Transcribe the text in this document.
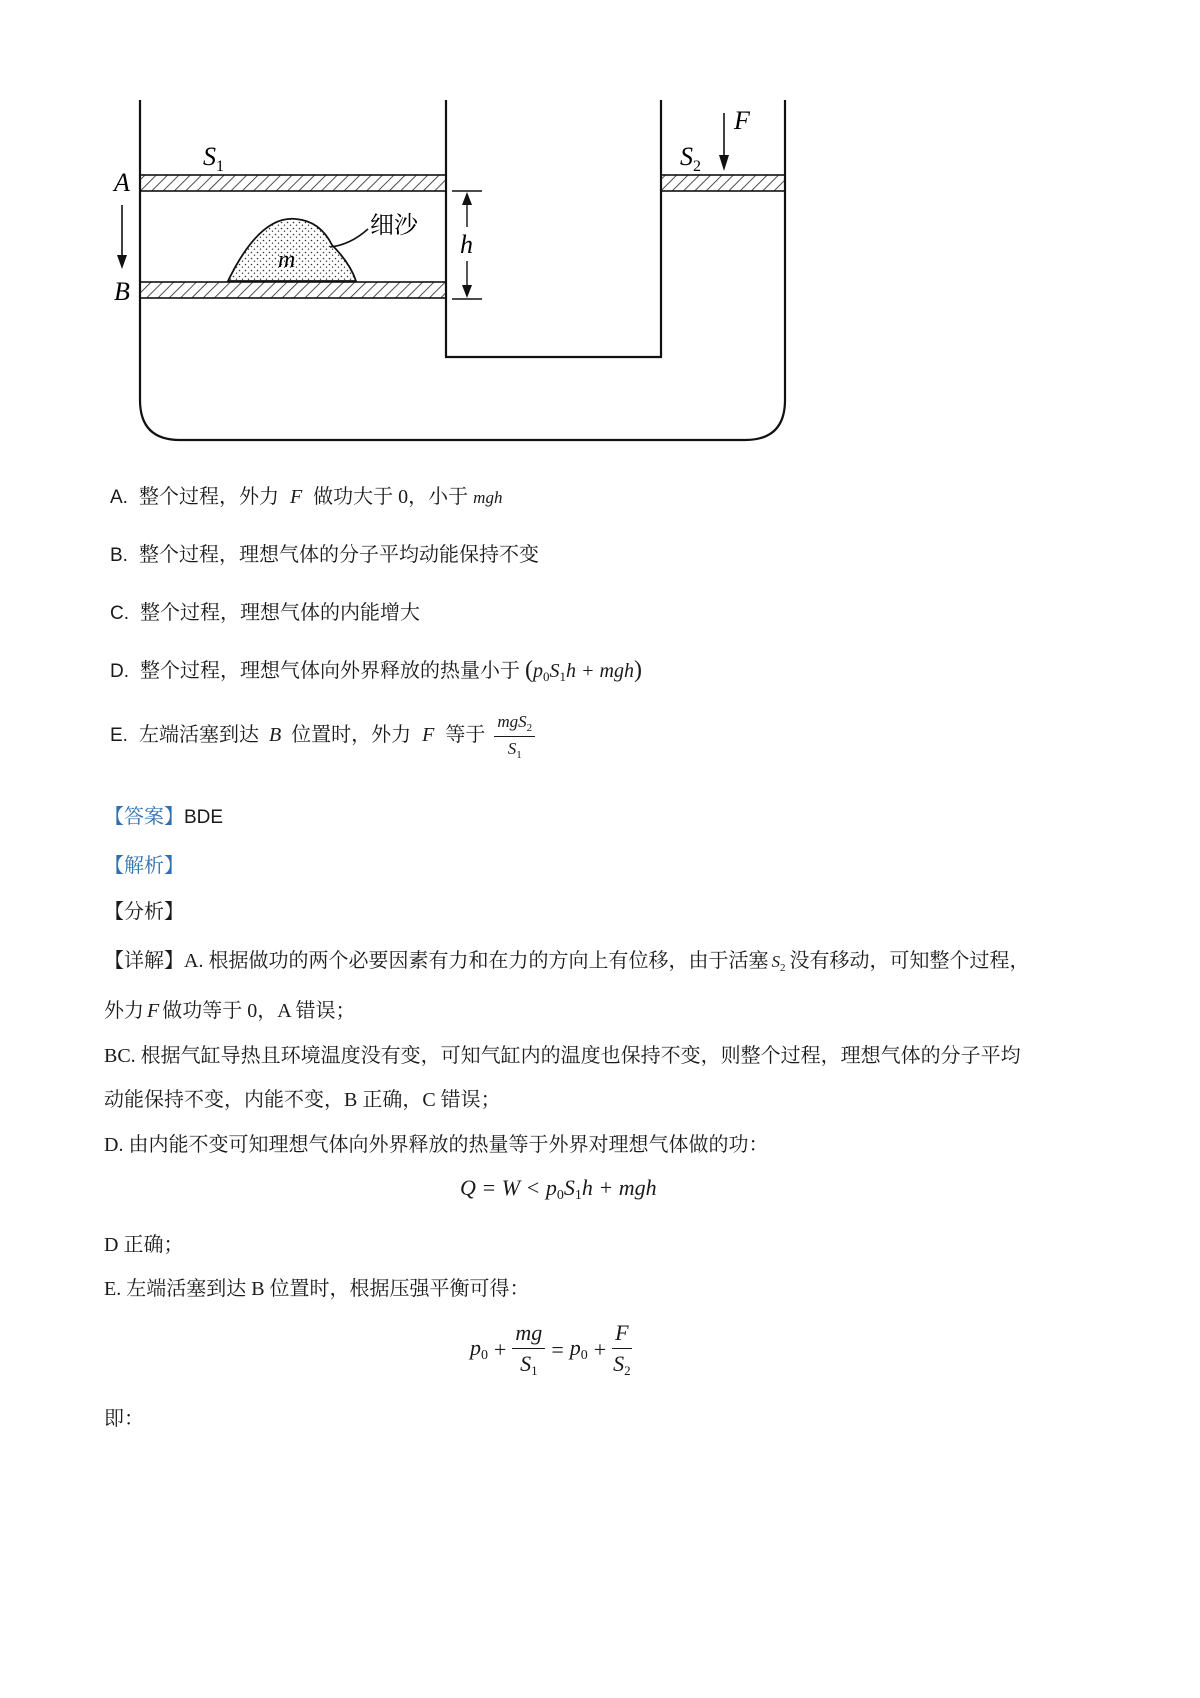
A
B
$S_1$	$S_2$
F
h
m
细沙
A. 整个过程，外力 F 做功大于 0，小于 mgh
B. 整个过程，理想气体的分子平均动能保持不变
C. 整个过程，理想气体的内能增大
D. 整个过程，理想气体向外界释放的热量小于 $(p_0S_1h + mgh)$
E. 左端活塞到达 B 位置时，外力 F 等于 $\frac{mgS_2}{S_1}$
【答案】BDE
【解析】
【分析】
【详解】A. 根据做功的两个必要因素有力和在力的方向上有位移，由于活塞 $S_2$ 没有移动，可知整个过程，
外力 F 做功等于 0，A 错误；
BC. 根据气缸导热且环境温度没有变，可知气缸内的温度也保持不变，则整个过程，理想气体的分子平均
动能保持不变，内能不变，B 正确，C 错误；
D. 由内能不变可知理想气体向外界释放的热量等于外界对理想气体做的功：
$Q = W < p_0S_1h$ + mgh
D 正确；
E. 左端活塞到达 B 位置时，根据压强平衡可得：
$p_0 + \frac{mg}{S_1} = p_0 + \frac{F}{S_2}$
即：
